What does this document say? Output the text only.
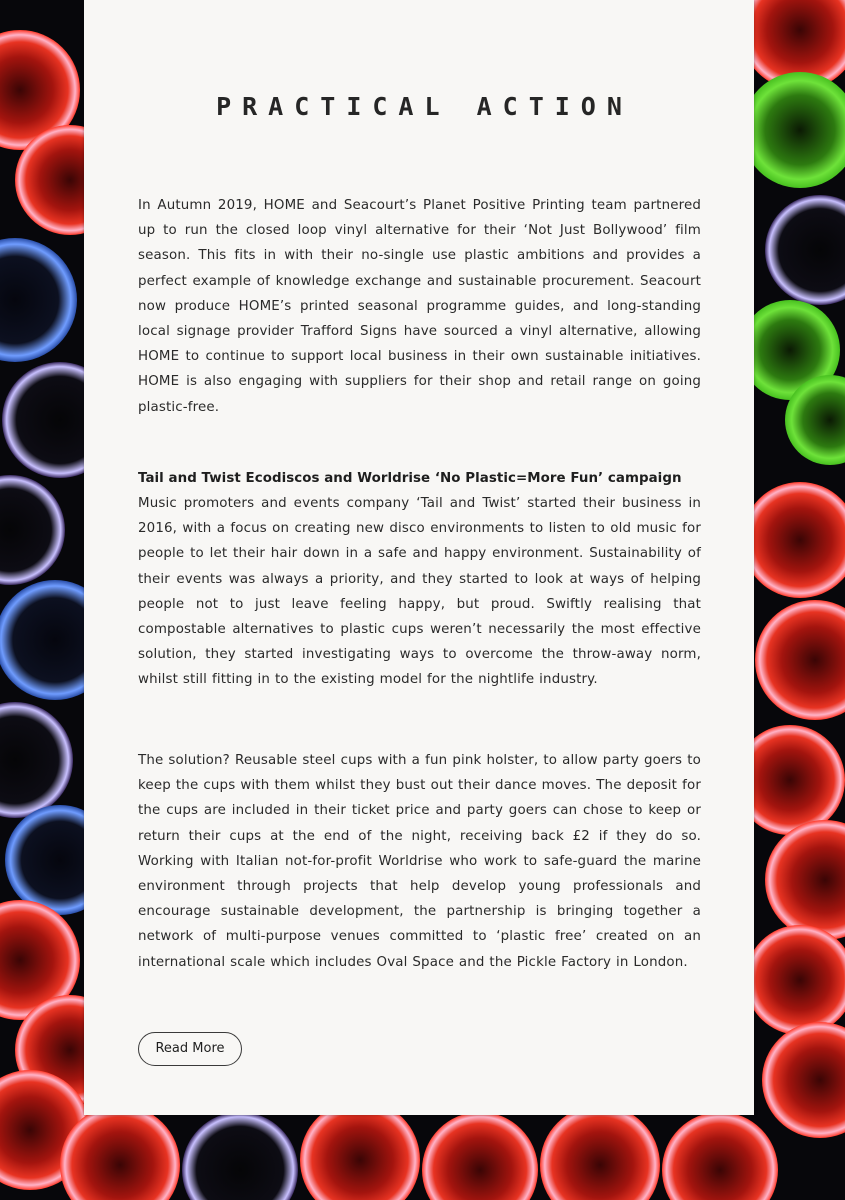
PRACTICAL ACTION

In Autumn 2019, HOME and Seacourt’s Planet Positive Printing team partnered up to run the closed loop vinyl alternative for their ‘Not Just Bollywood’ film season. This fits in with their no-single use plastic ambitions and provides a perfect example of knowledge exchange and sustainable procurement. Seacourt now produce HOME’s printed seasonal programme guides, and long-standing local signage provider Trafford Signs have sourced a vinyl alternative, allowing HOME to continue to support local business in their own sustainable initiatives. HOME is also engaging with suppliers for their shop and retail range on going plastic-free.

Tail and Twist Ecodiscos and Worldrise ‘No Plastic=More Fun’ campaign

Music promoters and events company ‘Tail and Twist’ started their business in 2016, with a focus on creating new disco environments to listen to old music for people to let their hair down in a safe and happy environment. Sustainability of their events was always a priority, and they started to look at ways of helping people not to just leave feeling happy, but proud. Swiftly realising that compostable alternatives to plastic cups weren’t necessarily the most effective solution, they started investigating ways to overcome the throw-away norm, whilst still fitting in to the existing model for the nightlife industry.

The solution? Reusable steel cups with a fun pink holster, to allow party goers to keep the cups with them whilst they bust out their dance moves. The deposit for the cups are included in their ticket price and party goers can chose to keep or return their cups at the end of the night, receiving back £2 if they do so. Working with Italian not-for-profit Worldrise who work to safe-guard the marine environment through projects that help develop young professionals and encourage sustainable development, the partnership is bringing together a network of multi-purpose venues committed to ‘plastic free’ created on an international scale which includes Oval Space and the Pickle Factory in London.

Read More
